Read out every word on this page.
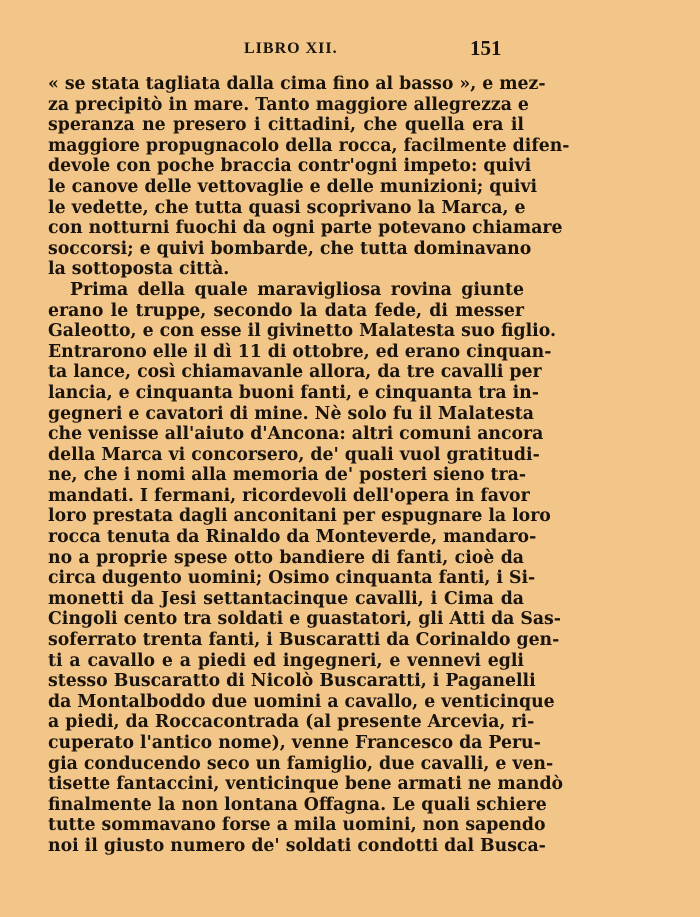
LIBRO XII.	151
« se stata tagliata dalla cima fino al basso », e mez-
za precipitò in mare. Tanto maggiore allegrezza e
speranza ne presero i cittadini, che quella era il
maggiore propugnacolo della rocca, facilmente difen-
devole con poche braccia contr'ogni impeto: quivi
le canove delle vettovaglie e delle munizioni; quivi
le vedette, che tutta quasi scoprivano la Marca, e
con notturni fuochi da ogni parte potevano chiamare
soccorsi; e quivi bombarde, che tutta dominavano
la sottoposta città.
Prima della quale maravigliosa rovina giunte
erano le truppe, secondo la data fede, di messer
Galeotto, e con esse il givinetto Malatesta suo figlio.
Entrarono elle il dì 11 di ottobre, ed erano cinquan-
ta lance, così chiamavanle allora, da tre cavalli per
lancia, e cinquanta buoni fanti, e cinquanta tra in-
gegneri e cavatori di mine. Nè solo fu il Malatesta
che venisse all'aiuto d'Ancona: altri comuni ancora
della Marca vi concorsero, de' quali vuol gratitudi-
ne, che i nomi alla memoria de' posteri sieno tra-
mandati. I fermani, ricordevoli dell'opera in favor
loro prestata dagli anconitani per espugnare la loro
rocca tenuta da Rinaldo da Monteverde, mandaro-
no a proprie spese otto bandiere di fanti, cioè da
circa dugento uomini; Osimo cinquanta fanti, i Si-
monetti da Jesi settantacinque cavalli, i Cima da
Cingoli cento tra soldati e guastatori, gli Atti da Sas-
soferrato trenta fanti, i Buscaratti da Corinaldo gen-
ti a cavallo e a piedi ed ingegneri, e vennevi egli
stesso Buscaratto di Nicolò Buscaratti, i Paganelli
da Montalboddo due uomini a cavallo, e venticinque
a piedi, da Roccacontrada (al presente Arcevia, ri-
cuperato l'antico nome), venne Francesco da Peru-
gia conducendo seco un famiglio, due cavalli, e ven-
tisette fantaccini, venticinque bene armati ne mandò
finalmente la non lontana Offagna. Le quali schiere
tutte sommavano forse a mila uomini, non sapendo
noi il giusto numero de' soldati condotti dal Busca-
